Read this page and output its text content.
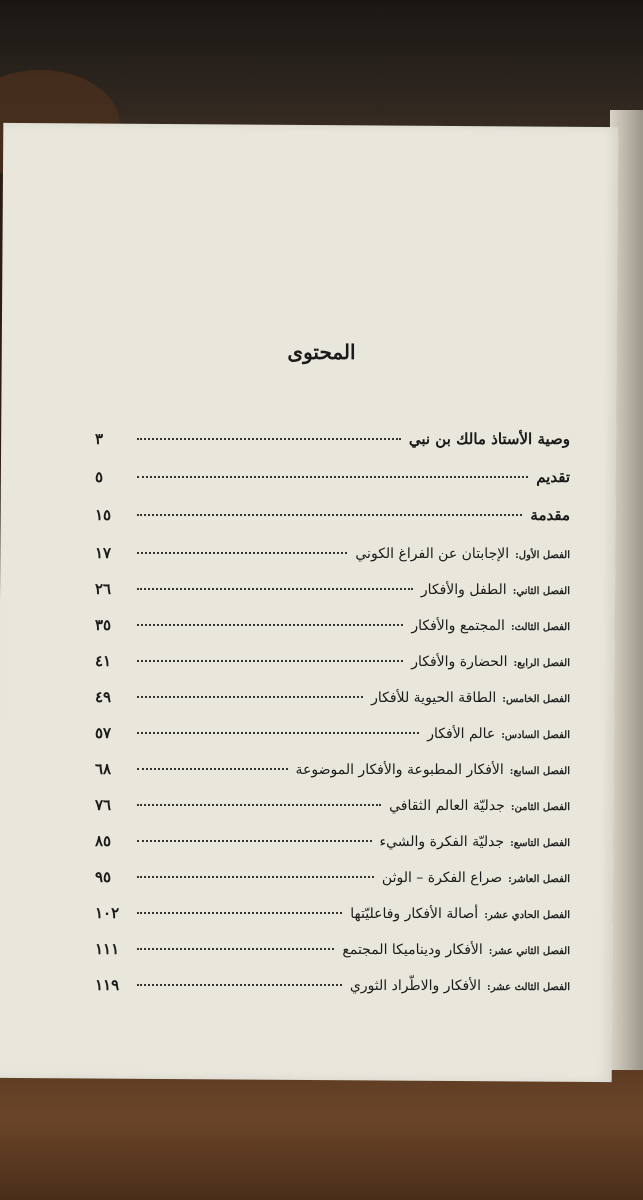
المحتوى
وصية الأستاذ مالك بن نبي
٣
تقديم
٥
مقدمة
١٥
الفصل الأول:
الإجابتان عن الفراغ الكوني
١٧
الفصل الثاني:
الطفل والأفكار
٢٦
الفصل الثالث:
المجتمع والأفكار
٣٥
الفصل الرابع:
الحضارة والأفكار
٤١
الفصل الخامس:
الطاقة الحيوية للأفكار
٤٩
الفصل السادس:
عالم الأفكار
٥٧
الفصل السابع:
الأفكار المطبوعة والأفكار الموضوعة
٦٨
الفصل الثامن:
جدليّة العالم الثقافي
٧٦
الفصل التاسع:
جدليّة الفكرة والشيء
٨٥
الفصل العاشر:
صراع الفكرة – الوثن
٩٥
الفصل الحادي عشر:
أصالة الأفكار وفاعليّتها
١٠٢
الفصل الثاني عشر:
الأفكار وديناميكا المجتمع
١١١
الفصل الثالث عشر:
الأفكار والاطّراد الثوري
١١٩
